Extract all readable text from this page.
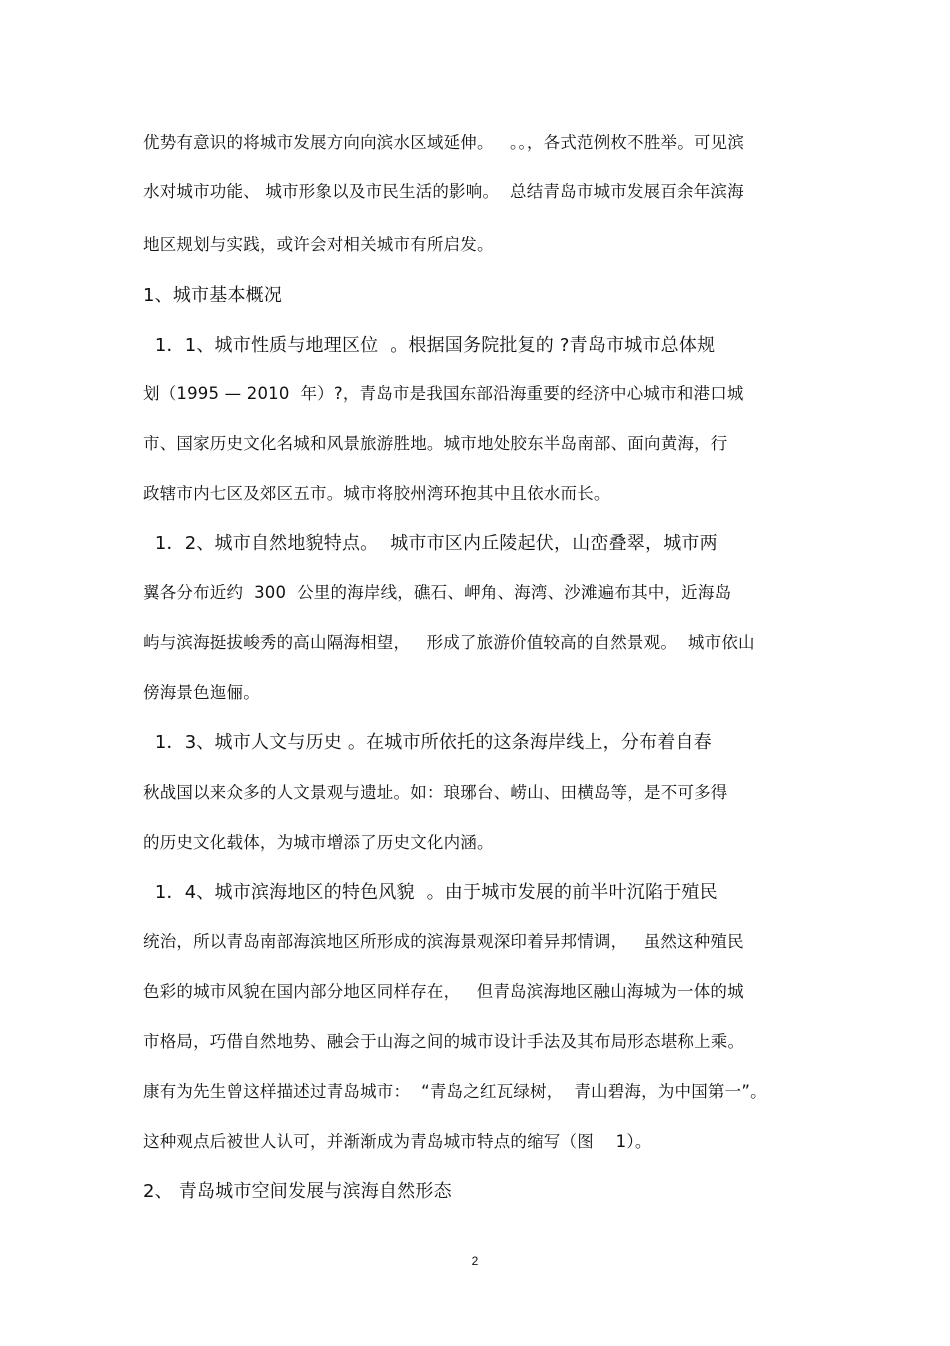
优势有意识的将城市发展方向向滨水区域延伸。   。。，各式范例枚不胜举。可见滨
水对城市功能、 城市形象以及市民生活的影响。  总结青岛市城市发展百余年滨海
地区规划与实践，或许会对相关城市有所启发。
1、城市基本概况
1．1、城市性质与地理区位  。根据国务院批复的 ?青岛市城市总体规
划（1995 — 2010  年）?，青岛市是我国东部沿海重要的经济中心城市和港口城
市、国家历史文化名城和风景旅游胜地。城市地处胶东半岛南部、面向黄海，行
政辖市内七区及郊区五市。城市将胶州湾环抱其中且依水而长。
1．2、城市自然地貌特点。  城市市区内丘陵起伏，山峦叠翠，城市两
翼各分布近约  300  公里的海岸线，礁石、岬角、海湾、沙滩遍布其中，近海岛
屿与滨海挺拔峻秀的高山隔海相望，   形成了旅游价值较高的自然景观。  城市依山
傍海景色迤俪。
1．3、城市人文与历史 。在城市所依托的这条海岸线上，分布着自春
秋战国以来众多的人文景观与遗址。如：琅琊台、崂山、田横岛等，是不可多得
的历史文化载体，为城市增添了历史文化内涵。
1．4、城市滨海地区的特色风貌  。由于城市发展的前半叶沉陷于殖民
统治，所以青岛南部海滨地区所形成的滨海景观深印着异邦情调，   虽然这种殖民
色彩的城市风貌在国内部分地区同样存在，   但青岛滨海地区融山海城为一体的城
市格局，巧借自然地势、融会于山海之间的城市设计手法及其布局形态堪称上乘。
康有为先生曾这样描述过青岛城市：  “青岛之红瓦绿树，  青山碧海，为中国第一”。
这种观点后被世人认可，并渐渐成为青岛城市特点的缩写（图    1）。
2、 青岛城市空间发展与滨海自然形态
2
